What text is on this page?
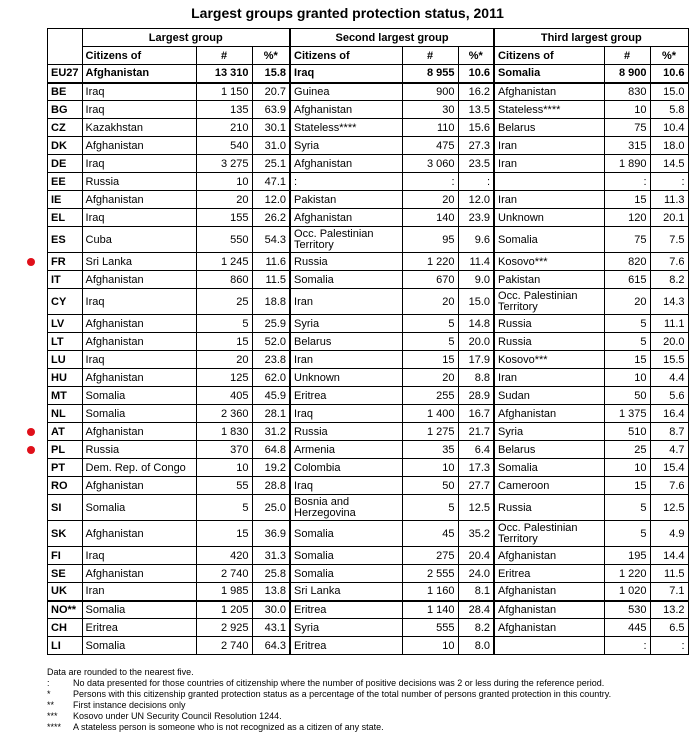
Largest groups granted protection status, 2011
	Largest group			Second largest group			Third largest group		
	Citizens of	#	%*	Citizens of	#	%*	Citizens of	#	%*
EU27	Afghanistan	13 310	15.8	Iraq	8 955	10.6	Somalia	8 900	10.6
BE	Iraq	1 150	20.7	Guinea	900	16.2	Afghanistan	830	15.0
BG	Iraq	135	63.9	Afghanistan	30	13.5	Stateless****	10	5.8
CZ	Kazakhstan	210	30.1	Stateless****	110	15.6	Belarus	75	10.4
DK	Afghanistan	540	31.0	Syria	475	27.3	Iran	315	18.0
DE	Iraq	3 275	25.1	Afghanistan	3 060	23.5	Iran	1 890	14.5
EE	Russia	10	47.1	:	:	:		:	:
IE	Afghanistan	20	12.0	Pakistan	20	12.0	Iran	15	11.3
EL	Iraq	155	26.2	Afghanistan	140	23.9	Unknown	120	20.1
ES	Cuba	550	54.3	Occ. Palestinian Territory	95	9.6	Somalia	75	7.5
FR	Sri Lanka	1 245	11.6	Russia	1 220	11.4	Kosovo***	820	7.6
IT	Afghanistan	860	11.5	Somalia	670	9.0	Pakistan	615	8.2
CY	Iraq	25	18.8	Iran	20	15.0	Occ. Palestinian Territory	20	14.3
LV	Afghanistan	5	25.9	Syria	5	14.8	Russia	5	11.1
LT	Afghanistan	15	52.0	Belarus	5	20.0	Russia	5	20.0
LU	Iraq	20	23.8	Iran	15	17.9	Kosovo***	15	15.5
HU	Afghanistan	125	62.0	Unknown	20	8.8	Iran	10	4.4
MT	Somalia	405	45.9	Eritrea	255	28.9	Sudan	50	5.6
NL	Somalia	2 360	28.1	Iraq	1 400	16.7	Afghanistan	1 375	16.4
AT	Afghanistan	1 830	31.2	Russia	1 275	21.7	Syria	510	8.7
PL	Russia	370	64.8	Armenia	35	6.4	Belarus	25	4.7
PT	Dem. Rep. of Congo	10	19.2	Colombia	10	17.3	Somalia	10	15.4
RO	Afghanistan	55	28.8	Iraq	50	27.7	Cameroon	15	7.6
SI	Somalia	5	25.0	Bosnia and Herzegovina	5	12.5	Russia	5	12.5
SK	Afghanistan	15	36.9	Somalia	45	35.2	Occ. Palestinian Territory	5	4.9
FI	Iraq	420	31.3	Somalia	275	20.4	Afghanistan	195	14.4
SE	Afghanistan	2 740	25.8	Somalia	2 555	24.0	Eritrea	1 220	11.5
UK	Iran	1 985	13.8	Sri Lanka	1 160	8.1	Afghanistan	1 020	7.1
NO**	Somalia	1 205	30.0	Eritrea	1 140	28.4	Afghanistan	530	13.2
CH	Eritrea	2 925	43.1	Syria	555	8.2	Afghanistan	445	6.5
LI	Somalia	2 740	64.3	Eritrea	10	8.0		:	:
Data are rounded to the nearest five.
:	No data presented for those countries of citizenship where the number of positive decisions was 2 or less during the reference period.
*	Persons with this citizenship granted protection status as a percentage of the total number of persons granted protection in this country.
**	First instance decisions only
***	Kosovo under UN Security Council Resolution 1244.
****	A stateless person is someone who is not recognized as a citizen of any state.
